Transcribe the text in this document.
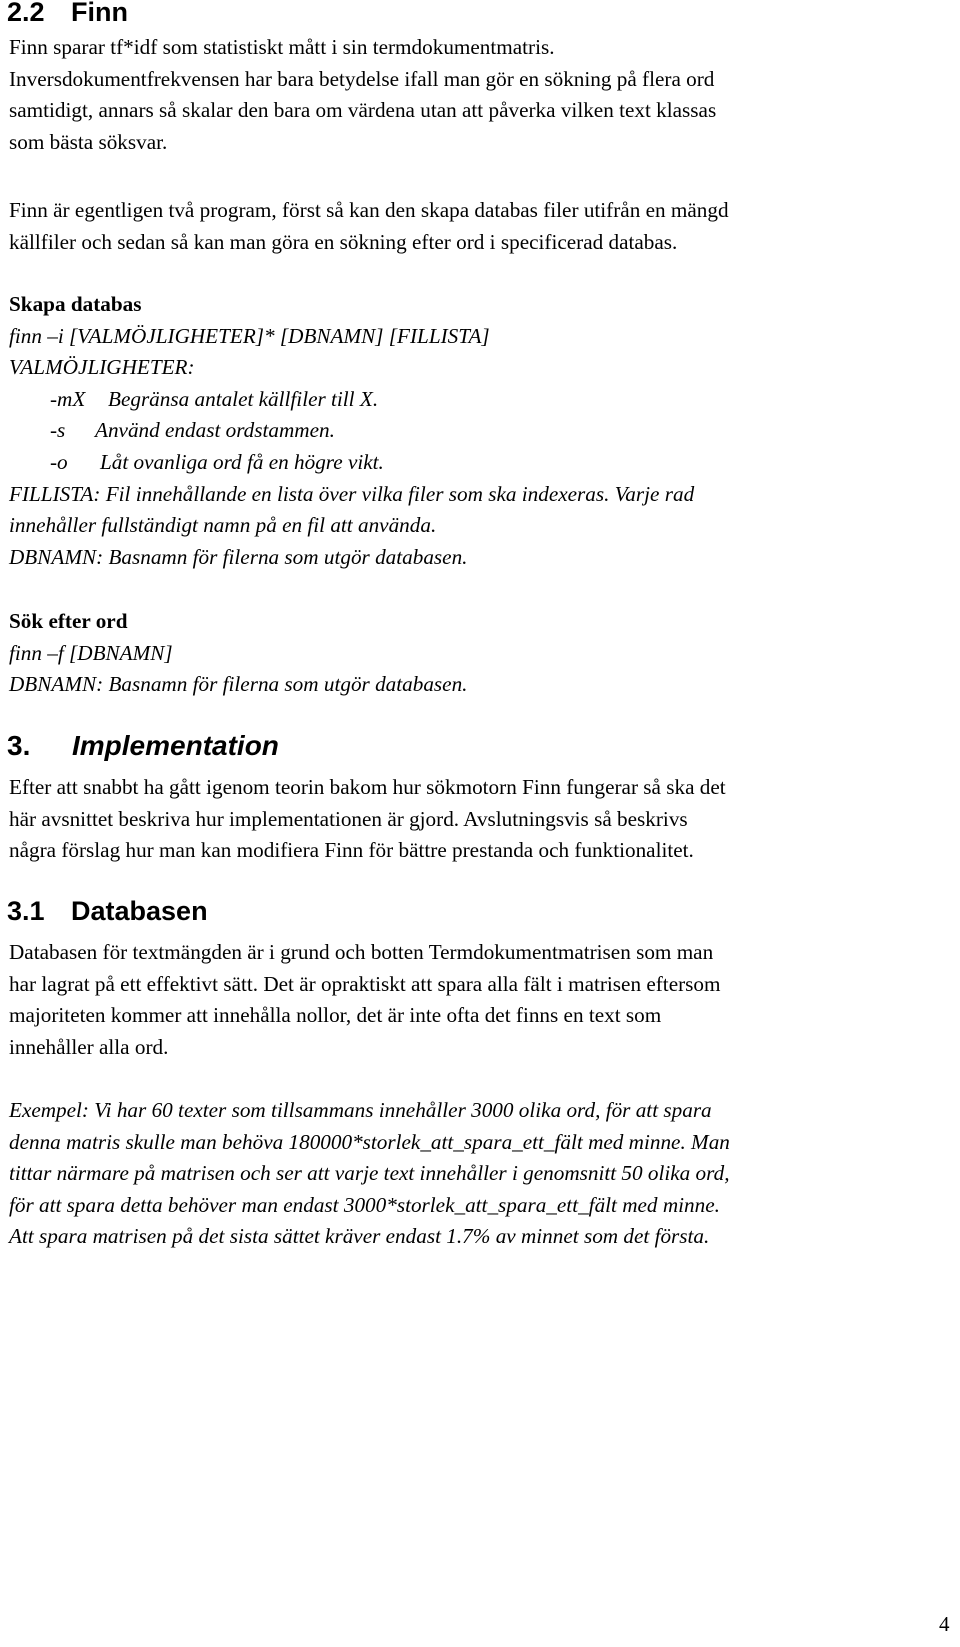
2.2 Finn
Finn sparar tf*idf som statistiskt mått i sin termdokumentmatris.
Inversdokumentfrekvensen har bara betydelse ifall man gör en sökning på flera ord
samtidigt, annars så skalar den bara om värdena utan att påverka vilken text klassas
som bästa söksvar.
Finn är egentligen två program, först så kan den skapa databas filer utifrån en mängd
källfiler och sedan så kan man göra en sökning efter ord i specificerad databas.
Skapa databas
finn –i [VALMÖJLIGHETER]* [DBNAMN] [FILLISTA]
VALMÖJLIGHETER:
-mX Begränsa antalet källfiler till X.
-s Använd endast ordstammen.
-o Låt ovanliga ord få en högre vikt.
FILLISTA: Fil innehållande en lista över vilka filer som ska indexeras. Varje rad
innehåller fullständigt namn på en fil att använda.
DBNAMN: Basnamn för filerna som utgör databasen.
Sök efter ord
finn –f [DBNAMN]
DBNAMN: Basnamn för filerna som utgör databasen.
3. Implementation
Efter att snabbt ha gått igenom teorin bakom hur sökmotorn Finn fungerar så ska det
här avsnittet beskriva hur implementationen är gjord. Avslutningsvis så beskrivs
några förslag hur man kan modifiera Finn för bättre prestanda och funktionalitet.
3.1 Databasen
Databasen för textmängden är i grund och botten Termdokumentmatrisen som man
har lagrat på ett effektivt sätt. Det är opraktiskt att spara alla fält i matrisen eftersom
majoriteten kommer att innehålla nollor, det är inte ofta det finns en text som
innehåller alla ord.
Exempel: Vi har 60 texter som tillsammans innehåller 3000 olika ord, för att spara
denna matris skulle man behöva 180000*storlek_att_spara_ett_fält med minne. Man
tittar närmare på matrisen och ser att varje text innehåller i genomsnitt 50 olika ord,
för att spara detta behöver man endast 3000*storlek_att_spara_ett_fält med minne.
Att spara matrisen på det sista sättet kräver endast 1.7% av minnet som det första.
4
